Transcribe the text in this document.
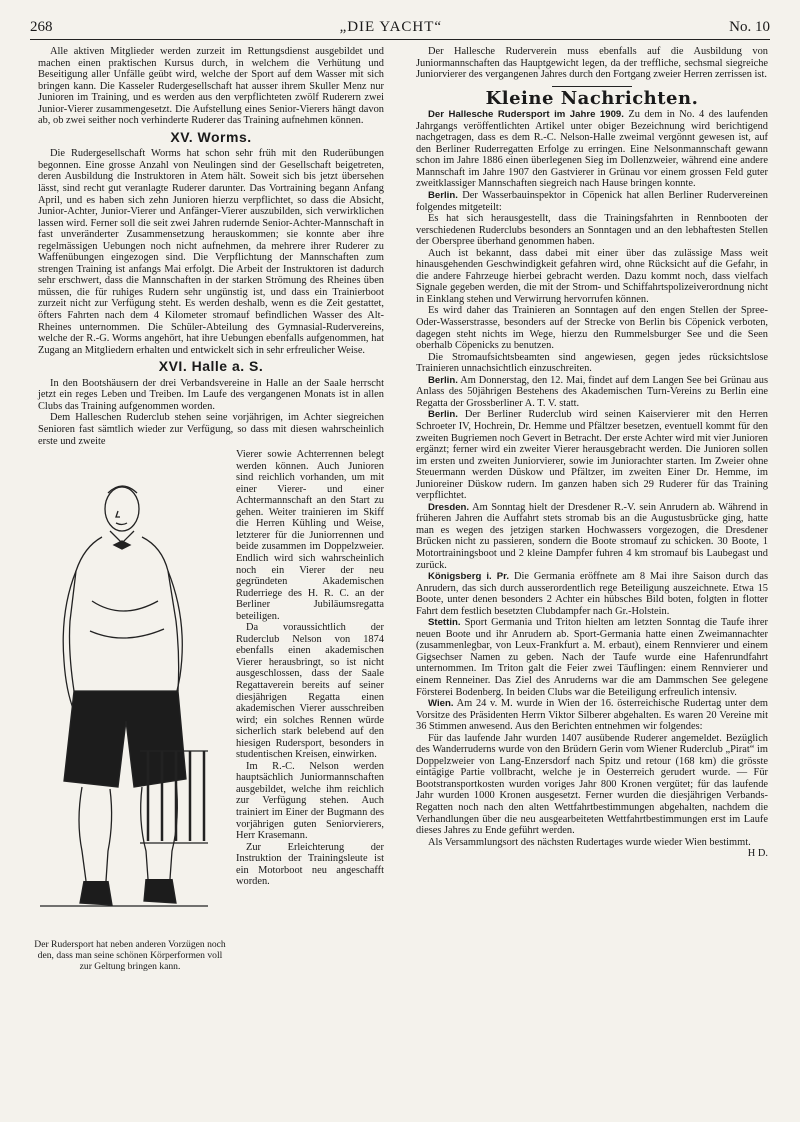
268	„DIE YACHT“	No. 10

Alle aktiven Mitglieder werden zurzeit im Rettungsdienst ausgebildet und machen einen praktischen Kursus durch, in welchem die Verhütung und Beseitigung aller Unfälle geübt wird, welche der Sport auf dem Wasser mit sich bringen kann. Die Kasseler Rudergesellschaft hat ausser ihrem Skuller Menz nur Junioren im Training, und es werden aus den verpflichteten zwölf Ruderern zwei Junior-Vierer zusammengesetzt. Die Aufstellung eines Senior-Vierers hängt davon ab, ob zwei seither noch verhinderte Ruderer das Training aufnehmen können.

XV. Worms.

Die Rudergesellschaft Worms hat schon sehr früh mit den Ruderübungen begonnen. Eine grosse Anzahl von Neulingen sind der Gesellschaft beigetreten, deren Ausbildung die Instruktoren in Atem hält. Soweit sich bis jetzt übersehen lässt, sind recht gut veranlagte Ruderer darunter. Das Vortraining begann Anfang April, und es haben sich zehn Junioren hierzu verpflichtet, so dass die Absicht, Junior-Achter, Junior-Vierer und Anfänger-Vierer auszubilden, sich verwirklichen lassen wird. Ferner soll die seit zwei Jahren rudernde Senior-Achter-Mannschaft in fast unveränderter Zusammensetzung herauskommen; sie konnte aber ihre regelmässigen Uebungen noch nicht aufnehmen, da mehrere ihrer Ruderer zu Waffenübungen eingezogen sind. Die Verpflichtung der Mannschaften zum strengen Training ist anfangs Mai erfolgt. Die Arbeit der Instruktoren ist dadurch sehr erschwert, dass die Mannschaften in der starken Strömung des Rheines üben müssen, die für ruhiges Rudern sehr ungünstig ist, und dass ein Trainierboot zurzeit nicht zur Verfügung steht. Es werden deshalb, wenn es die Zeit gestattet, öfters Fahrten nach dem 4 Kilometer stromauf befindlichen Wasser des Alt-Rheines unternommen. Die Schüler-Abteilung des Gymnasial-Rudervereins, welche der R.-G. Worms angehört, hat ihre Uebungen ebenfalls aufgenommen, hat Zugang an Mitgliedern erhalten und entwickelt sich in sehr erfreulicher Weise.

XVI. Halle a. S.

In den Bootshäusern der drei Verbandsvereine in Halle an der Saale herrscht jetzt ein reges Leben und Treiben. Im Laufe des vergangenen Monats ist in allen Clubs das Training aufgenommen worden.

Dem Halleschen Ruderclub stehen seine vorjährigen, im Achter siegreichen Senioren fast sämtlich wieder zur Verfügung, so dass mit diesen wahrscheinlich erste und zweite

Der Rudersport hat neben anderen Vorzügen noch den, dass man seine schönen Körperformen voll zur Geltung bringen kann.

Vierer sowie Achterrennen belegt werden können. Auch Junioren sind reichlich vorhanden, um mit einer Vierer- und einer Achtermannschaft an den Start zu gehen. Weiter trainieren im Skiff die Herren Kühling und Weise, letzterer für die Juniorrennen und beide zusammen im Doppelzweier. Endlich wird sich wahrscheinlich noch ein Vierer der neu gegründeten Akademischen Ruderriege des H. R. C. an der Berliner Jubiläumsregatta beteiligen.

Da voraussichtlich der Ruderclub Nelson von 1874 ebenfalls einen akademischen Vierer herausbringt, so ist nicht ausgeschlossen, dass der Saale Regattaverein bereits auf seiner diesjährigen Regatta einen akademischen Vierer ausschreiben wird; ein solches Rennen würde sicherlich stark belebend auf den hiesigen Rudersport, besonders in studentischen Kreisen, einwirken.

Im R.-C. Nelson werden hauptsächlich Juniormannschaften ausgebildet, welche ihm reichlich zur Verfügung stehen. Auch trainiert im Einer der Bugmann des vorjährigen guten Seniorvierers, Herr Krasemann.

Zur Erleichterung der Instruktion der Trainingsleute ist ein Motorboot neu angeschafft worden.

Der Hallesche Ruderverein muss ebenfalls auf die Ausbildung von Juniormannschaften das Hauptgewicht legen, da der treffliche, sechsmal siegreiche Juniorvierer des vergangenen Jahres durch den Fortgang zweier Herren zerrissen ist.

Kleine Nachrichten.

Der Hallesche Rudersport im Jahre 1909. Zu dem in No. 4 des laufenden Jahrgangs veröffentlichten Artikel unter obiger Bezeichnung wird berichtigend nachgetragen, dass es dem R.-C. Nelson-Halle zweimal vergönnt gewesen ist, auf den Berliner Ruderregatten Erfolge zu erringen. Eine Nelsonmannschaft gewann schon im Jahre 1886 einen überlegenen Sieg im Dollenzweier, während eine andere Mannschaft im Jahre 1907 den Gastvierer in Grünau vor einem grossen Feld guter zweitklassiger Mannschaften siegreich nach Hause bringen konnte.

Berlin. Der Wasserbauinspektor in Cöpenick hat allen Berliner Rudervereinen folgendes mitgeteilt:

Es hat sich herausgestellt, dass die Trainingsfahrten in Rennbooten der verschiedenen Ruderclubs besonders an Sonntagen und an den lebhaftesten Stellen der Oberspree überhand genommen haben.

Auch ist bekannt, dass dabei mit einer über das zulässige Mass weit hinausgehenden Geschwindigkeit gefahren wird, ohne Rücksicht auf die Gefahr, in die andere Fahrzeuge hierbei gebracht werden. Dazu kommt noch, dass vielfach Signale gegeben werden, die mit der Strom- und Schiffahrtspolizeiverordnung nicht in Einklang stehen und Verwirrung hervorrufen können.

Es wird daher das Trainieren an Sonntagen auf den engen Stellen der Spree-Oder-Wasserstrasse, besonders auf der Strecke von Berlin bis Cöpenick verboten, dagegen steht nichts im Wege, hierzu den Rummelsburger See und die Seen oberhalb Cöpenicks zu benutzen.

Die Stromaufsichtsbeamten sind angewiesen, gegen jedes rücksichtslose Trainieren unnachsichtlich einzuschreiten.

Berlin. Am Donnerstag, den 12. Mai, findet auf dem Langen See bei Grünau aus Anlass des 50jährigen Bestehens des Akademischen Turn-Vereins zu Berlin eine Regatta der Grossberliner A. T. V. statt.

Berlin. Der Berliner Ruderclub wird seinen Kaiservierer mit den Herren Schroeter IV, Hochrein, Dr. Hemme und Pfältzer besetzen, eventuell kommt für den zweiten Bugriemen noch Gevert in Betracht. Der erste Achter wird mit vier Junioren ergänzt; ferner wird ein zweiter Vierer herausgebracht werden. Die Junioren sollen im ersten und zweiten Juniorvierer, sowie im Juniorachter starten. Im Zweier ohne Steuermann werden Düskow und Pfältzer, im zweiten Einer Dr. Hemme, im Junioreiner Düskow rudern. Im ganzen haben sich 29 Ruderer für das Training verpflichtet.

Dresden. Am Sonntag hielt der Dresdener R.-V. sein Anrudern ab. Während in früheren Jahren die Auffahrt stets stromab bis an die Augustusbrücke ging, hatte man es wegen des jetzigen starken Hochwassers vorgezogen, die Dresdener Brücken nicht zu passieren, sondern die Boote stromauf zu schicken. 30 Boote, 1 Motortrainingsboot und 2 kleine Dampfer fuhren 4 km stromauf bis Laubegast und zurück.

Königsberg i. Pr. Die Germania eröffnete am 8 Mai ihre Saison durch das Anrudern, das sich durch ausserordentlich rege Beteiligung auszeichnete. Etwa 15 Boote, unter denen besonders 2 Achter ein hübsches Bild boten, folgten in flotter Fahrt dem festlich besetzten Clubdampfer nach Gr.-Holstein.

Stettin. Sport Germania und Triton hielten am letzten Sonntag die Taufe ihrer neuen Boote und ihr Anrudern ab. Sport-Germania hatte einen Zweimannachter (zusammenlegbar, von Leux-Frankfurt a. M. erbaut), einem Rennvierer und einem Gigsechser Namen zu geben. Nach der Taufe wurde eine Hafenrundfahrt unternommen. Im Triton galt die Feier zwei Täuflingen: einem Rennvierer und einem Renneiner. Das Ziel des Anruderns war die am Dammschen See gelegene Försterei Bodenberg. In beiden Clubs war die Beteiligung erfreulich intensiv.

Wien. Am 24 v. M. wurde in Wien der 16. österreichische Rudertag unter dem Vorsitze des Präsidenten Herrn Viktor Silberer abgehalten. Es waren 20 Vereine mit 36 Stimmen anwesend. Aus den Berichten entnehmen wir folgendes:

Für das laufende Jahr wurden 1407 ausübende Ruderer angemeldet. Bezüglich des Wanderruderns wurde von den Brüdern Gerin vom Wiener Ruderclub „Pirat“ im Doppelzweier von Lang-Enzersdorf nach Spitz und retour (168 km) die grösste eintägige Partie vollbracht, welche je in Oesterreich gerudert wurde. — Für Bootstransportkosten wurden voriges Jahr 800 Kronen vergütet; für das laufende Jahr wurden 1000 Kronen ausgesetzt. Ferner wurden die diesjährigen Verbands-Regatten noch nach den alten Wettfahrtbestimmungen abgehalten, nachdem die Verhandlungen über die neu ausgearbeiteten Wettfahrtbestimmungen erst im Laufe dieses Jahres zu Ende geführt werden.

Als Versammlungsort des nächsten Rudertages wurde wieder Wien bestimmt.

H D.
